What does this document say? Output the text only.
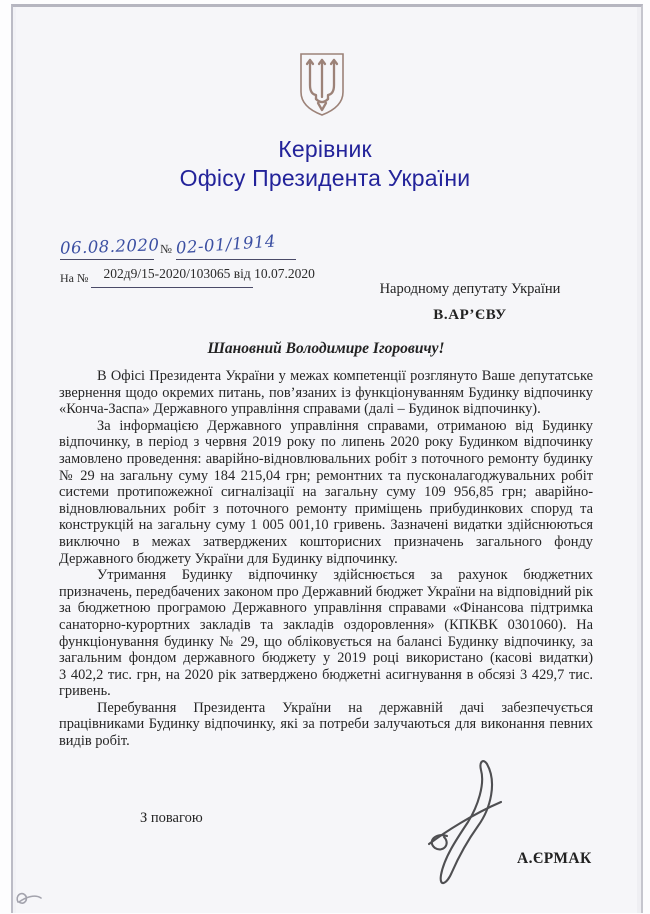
Керівник
Офісу Президента України
06.08.2020№ 02-01/1914
На № 202д9/15-2020/103065 від 10.07.2020
Народному депутату України
В.АР’ЄВУ
Шановний Володимире Ігоровичу!

В Офісі Президента України у межах компетенції розглянуто Ваше депутатське звернення щодо окремих питань, пов’язаних із функціонуванням Будинку відпочинку «Конча-Заспа» Державного управління справами (далі – Будинок відпочинку).

За інформацією Державного управління справами, отриманою від Будинку відпочинку, в період з червня 2019 року по липень 2020 року Будинком відпочинку замовлено проведення: аварійно-відновлювальних робіт з поточного ремонту будинку № 29 на загальну суму 184 215,04 грн; ремонтних та пусконалагоджувальних робіт системи протипожежної сигналізації на загальну суму 109 956,85 грн; аварійно-відновлювальних робіт з поточного ремонту приміщень прибудинкових споруд та конструкцій на загальну суму 1 005 001,10 гривень. Зазначені видатки здійснюються виключно в межах затверджених кошторисних призначень загального фонду Державного бюджету України для Будинку відпочинку.

Утримання Будинку відпочинку здійснюється за рахунок бюджетних призначень, передбачених законом про Державний бюджет України на відповідний рік за бюджетною програмою Державного управління справами «Фінансова підтримка санаторно-курортних закладів та закладів оздоровлення» (КПКВК 0301060). На функціонування будинку № 29, що обліковується на балансі Будинку відпочинку, за загальним фондом державного бюджету у 2019 році використано (касові видатки) 3 402,2 тис. грн, на 2020 рік затверджено бюджетні асигнування в обсязі 3 429,7 тис. гривень.

Перебування Президента України на державній дачі забезпечується працівниками Будинку відпочинку, які за потреби залучаються для виконання певних видів робіт.

З повагою
А.ЄРМАК
